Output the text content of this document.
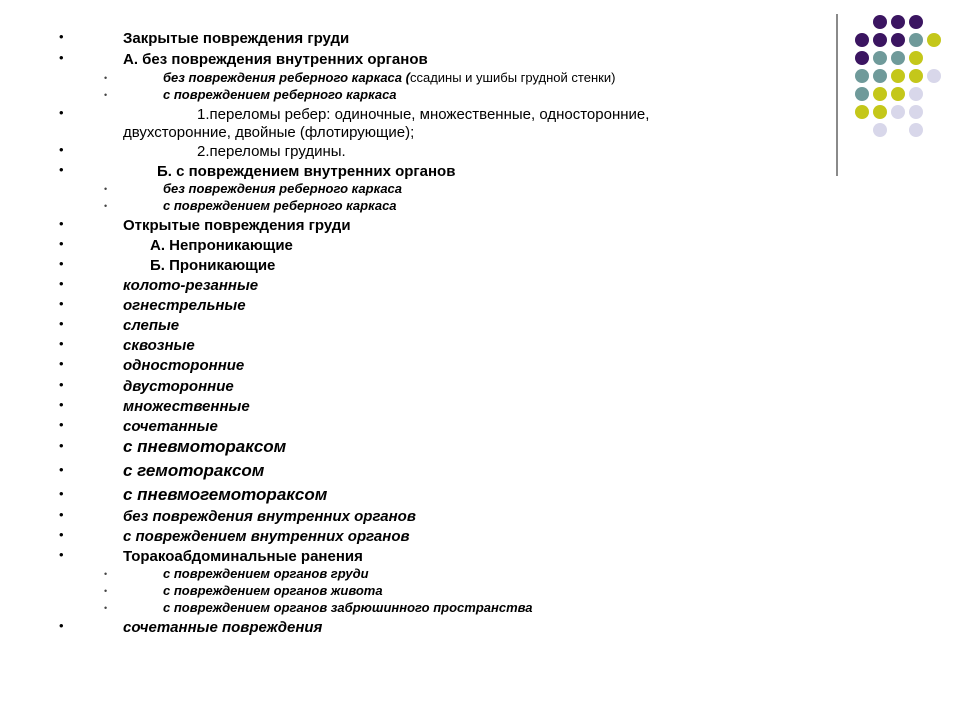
•	Закрытые повреждения груди
•	А. без повреждения внутренних органов
•	без повреждения реберного каркаса (ссадины и ушибы грудной стенки)
•	с повреждением реберного каркаса
•	1.переломы ребер: одиночные, множественные, односторонние,
двухсторонние, двойные (флотирующие);
•	2.переломы грудины.
•	Б. с повреждением внутренних органов
•	без повреждения реберного каркаса
•	с повреждением реберного каркаса
•	Открытые повреждения груди
•	А. Непроникающие
•	Б. Проникающие
•	колото-резанные
•	огнестрельные
•	слепые
•	сквозные
•	односторонние
•	двусторонние
•	множественные
•	сочетанные
•	с пневмотораксом
•	с гемотораксом
•	с пневмогемотораксом
•	без повреждения внутренних органов
•	с повреждением внутренних органов
•	Торакоабдоминальные ранения
•	с повреждением органов груди
•	с повреждением органов живота
•	с повреждением органов забрюшинного пространства
•	сочетанные повреждения
